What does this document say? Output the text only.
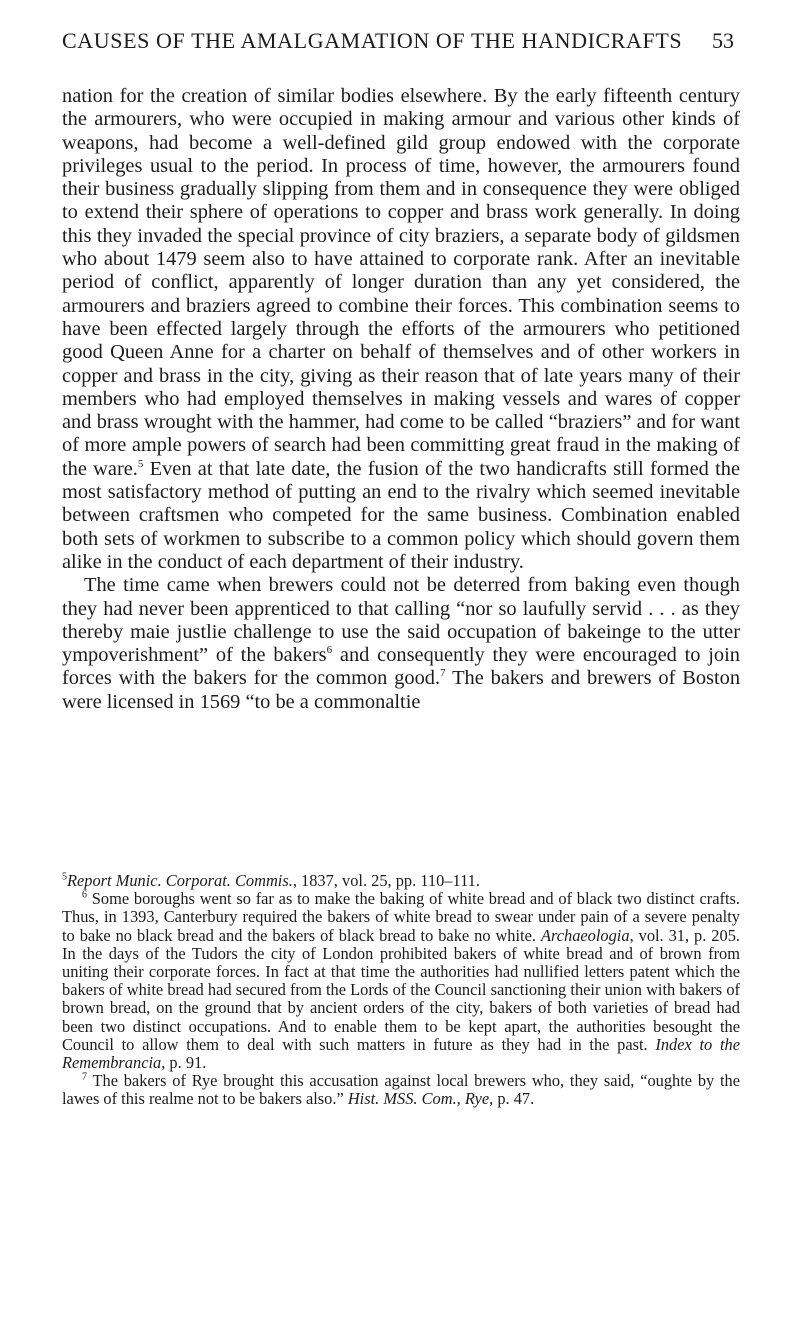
CAUSES OF THE AMALGAMATION OF THE HANDICRAFTS 53

nation for the creation of similar bodies elsewhere. By the early fifteenth century the armourers, who were occupied in making armour and various other kinds of weapons, had become a well-defined gild group endowed with the corporate privileges usual to the period. In process of time, however, the armourers found their business gradually slipping from them and in consequence they were obliged to extend their sphere of operations to copper and brass work generally. In doing this they invaded the special province of city braziers, a separate body of gildsmen who about 1479 seem also to have attained to corporate rank. After an inevitable period of conflict, apparently of longer duration than any yet considered, the armourers and braziers agreed to combine their forces. This combination seems to have been effected largely through the efforts of the armourers who petitioned good Queen Anne for a charter on behalf of themselves and of other workers in copper and brass in the city, giving as their reason that of late years many of their members who had employed themselves in making vessels and wares of copper and brass wrought with the hammer, had come to be called “braziers” and for want of more ample powers of search had been committing great fraud in the making of the ware.$^5$ Even at that late date, the fusion of the two handicrafts still formed the most satisfactory method of putting an end to the rivalry which seemed inevitable between craftsmen who competed for the same business. Combination enabled both sets of workmen to subscribe to a common policy which should govern them alike in the conduct of each department of their industry.

The time came when brewers could not be deterred from baking even though they had never been apprenticed to that calling “nor so laufully servid . . . as they thereby maie justlie challenge to use the said occupation of bakeinge to the utter ympoverishment” of the bakers$^6$ and consequently they were encouraged to join forces with the bakers for the common good.$^7$ The bakers and brewers of Boston were licensed in 1569 “to be a commonaltie

$^5$Report Munic. Corporat. Commis., 1837, vol. 25, pp. 110–111.

$^6$ Some boroughs went so far as to make the baking of white bread and of black two distinct crafts. Thus, in 1393, Canterbury required the bakers of white bread to swear under pain of a severe penalty to bake no black bread and the bakers of black bread to bake no white. Archaeologia, vol. 31, p. 205. In the days of the Tudors the city of London prohibited bakers of white bread and of brown from uniting their corporate forces. In fact at that time the authorities had nullified letters patent which the bakers of white bread had secured from the Lords of the Council sanctioning their union with bakers of brown bread, on the ground that by ancient orders of the city, bakers of both varieties of bread had been two distinct occupations. And to enable them to be kept apart, the authorities besought the Council to allow them to deal with such matters in future as they had in the past. Index to the Remembrancia, p. 91.

$^7$ The bakers of Rye brought this accusation against local brewers who, they said, “oughte by the lawes of this realme not to be bakers also.” Hist. MSS. Com., Rye, p. 47.
